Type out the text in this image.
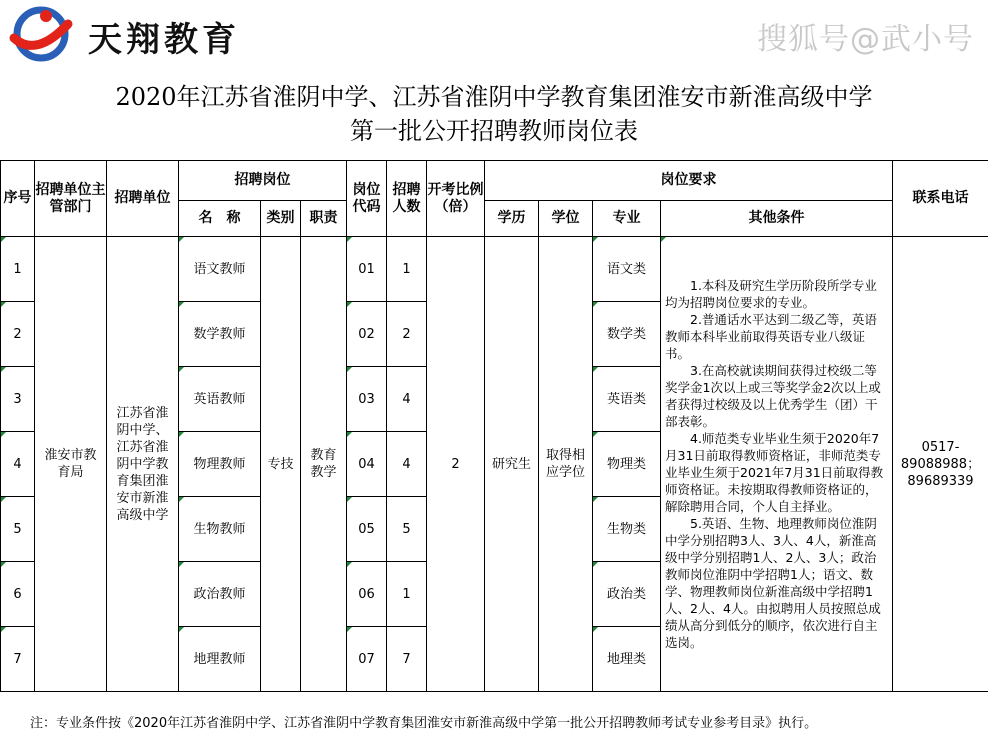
天翔教育	搜狐号@武小号
2020年江苏省淮阴中学、江苏省淮阴中学教育集团淮安市新淮高级中学
第一批公开招聘教师岗位表
序号	招聘单位主管部门	招聘单位	招聘岗位			岗位代码	招聘人数	开考比例（倍）	岗位要求				联系电话
			名　称	类别	职责				学历	学位	专业	其他条件	
1	淮安市教育局	江苏省淮阴中学、江苏省淮阴中学教育集团淮安市新淮高级中学	语文教师	专技	教育教学	01	1	2	研究生	取得相应学位	语文类	1.本科及研究生学历阶段所学专业均为招聘岗位要求的专业。

2.普通话水平达到二级乙等，英语教师本科毕业前取得英语专业八级证书。

3.在高校就读期间获得过校级二等奖学金1次以上或三等奖学金2次以上或者获得过校级及以上优秀学生（团）干部表彰。

4.师范类专业毕业生须于2020年7月31日前取得教师资格证，非师范类专业毕业生须于2021年7月31日前取得教师资格证。未按期取得教师资格证的，解除聘用合同，个人自主择业。

5.英语、生物、地理教师岗位淮阴中学分别招聘3人、3人、4人，新淮高级中学分别招聘1人、2人、3人；政治教师岗位淮阴中学招聘1人；语文、数学、物理教师岗位新淮高级中学招聘1人、2人、4人。由拟聘用人员按照总成绩从高分到低分的顺序，依次进行自主选岗。	0517-89088988；89689339
2			数学教师			02	2				数学类		
3			英语教师			03	4				英语类		
4			物理教师			04	4				物理类		
5			生物教师			05	5				生物类		
6			政治教师			06	1				政治类		
7			地理教师			07	7				地理类		
注：专业条件按《2020年江苏省淮阴中学、江苏省淮阴中学教育集团淮安市新淮高级中学第一批公开招聘教师考试专业参考目录》执行。
